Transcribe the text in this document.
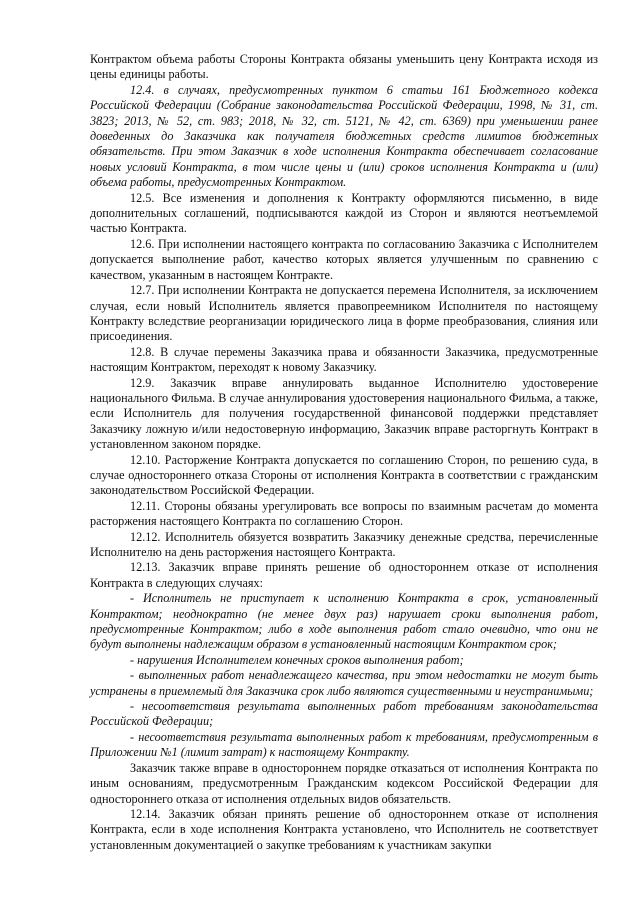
Контрактом объема работы Стороны Контракта обязаны уменьшить цену Контракта исходя из цены единицы работы.

12.4. в случаях, предусмотренных пунктом 6 статьи 161 Бюджетного кодекса Российской Федерации (Собрание законодательства Российской Федерации, 1998, № 31, ст. 3823; 2013, № 52, ст. 983; 2018, № 32, ст. 5121, № 42, ст. 6369) при уменьшении ранее доведенных до Заказчика как получателя бюджетных средств лимитов бюджетных обязательств. При этом Заказчик в ходе исполнения Контракта обеспечивает согласование новых условий Контракта, в том числе цены и (или) сроков исполнения Контракта и (или) объема работы, предусмотренных Контрактом.

12.5. Все изменения и дополнения к Контракту оформляются письменно, в виде дополнительных соглашений, подписываются каждой из Сторон и являются неотъемлемой частью Контракта.

12.6. При исполнении настоящего контракта по согласованию Заказчика с Исполнителем допускается выполнение работ, качество которых является улучшенным по сравнению с качеством, указанным в настоящем Контракте.

12.7. При исполнении Контракта не допускается перемена Исполнителя, за исключением случая, если новый Исполнитель является правопреемником Исполнителя по настоящему Контракту вследствие реорганизации юридического лица в форме преобразования, слияния или присоединения.

12.8. В случае перемены Заказчика права и обязанности Заказчика, предусмотренные настоящим Контрактом, переходят к новому Заказчику.

12.9. Заказчик вправе аннулировать выданное Исполнителю удостоверение национального Фильма. В случае аннулирования удостоверения национального Фильма, а также, если Исполнитель для получения государственной финансовой поддержки представляет Заказчику ложную и/или недостоверную информацию, Заказчик вправе расторгнуть Контракт в установленном законом порядке.

12.10. Расторжение Контракта допускается по соглашению Сторон, по решению суда, в случае одностороннего отказа Стороны от исполнения Контракта в соответствии с гражданским законодательством Российской Федерации.

12.11. Стороны обязаны урегулировать все вопросы по взаимным расчетам до момента расторжения настоящего Контракта по соглашению Сторон.

12.12. Исполнитель обязуется возвратить Заказчику денежные средства, перечисленные Исполнителю на день расторжения настоящего Контракта.

12.13. Заказчик вправе принять решение об одностороннем отказе от исполнения Контракта в следующих случаях:

- Исполнитель не приступает к исполнению Контракта в срок, установленный Контрактом; неоднократно (не менее двух раз) нарушает сроки выполнения работ, предусмотренные Контрактом; либо в ходе выполнения работ стало очевидно, что они не будут выполнены надлежащим образом в установленный настоящим Контрактом срок;

- нарушения Исполнителем конечных сроков выполнения работ;

- выполненных работ ненадлежащего качества, при этом недостатки не могут быть устранены в приемлемый для Заказчика срок либо являются существенными и неустранимыми;

- несоответствия результата выполненных работ требованиям законодательства Российской Федерации;

- несоответствия результата выполненных работ к требованиям, предусмотренным в Приложении №1 (лимит затрат) к настоящему Контракту.

Заказчик также вправе в одностороннем порядке отказаться от исполнения Контракта по иным основаниям, предусмотренным Гражданским кодексом Российской Федерации для одностороннего отказа от исполнения отдельных видов обязательств.

12.14. Заказчик обязан принять решение об одностороннем отказе от исполнения Контракта, если в ходе исполнения Контракта установлено, что Исполнитель не соответствует установленным документацией о закупке требованиям к участникам закупки
